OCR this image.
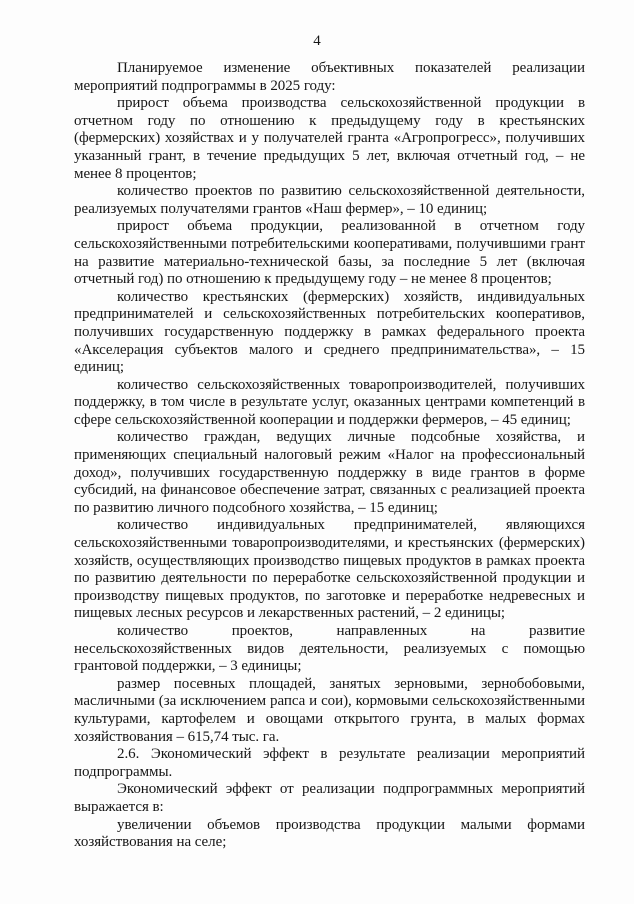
4

Планируемое изменение объективных показателей реализации мероприятий подпрограммы в 2025 году:

прирост объема производства сельскохозяйственной продукции в отчетном году по отношению к предыдущему году в крестьянских (фермерских) хозяйствах и у получателей гранта «Агропрогресс», получивших указанный грант, в течение предыдущих 5 лет, включая отчетный год, – не менее 8 процентов;

количество проектов по развитию сельскохозяйственной деятельности, реализуемых получателями грантов «Наш фермер», – 10 единиц;

прирост объема продукции, реализованной в отчетном году сельскохозяйственными потребительскими кооперативами, получившими грант на развитие материально-технической базы, за последние 5 лет (включая отчетный год) по отношению к предыдущему году – не менее 8 процентов;

количество крестьянских (фермерских) хозяйств, индивидуальных предпринимателей и сельскохозяйственных потребительских кооперативов, получивших государственную поддержку в рамках федерального проекта «Акселерация субъектов малого и среднего предпринимательства», – 15 единиц;

количество сельскохозяйственных товаропроизводителей, получивших поддержку, в том числе в результате услуг, оказанных центрами компетенций в сфере сельскохозяйственной кооперации и поддержки фермеров, – 45 единиц;

количество граждан, ведущих личные подсобные хозяйства, и применяющих специальный налоговый режим «Налог на профессиональный доход», получивших государственную поддержку в виде грантов в форме субсидий, на финансовое обеспечение затрат, связанных с реализацией проекта по развитию личного подсобного хозяйства, – 15 единиц;

количество индивидуальных предпринимателей, являющихся сельскохозяйственными товаропроизводителями, и крестьянских (фермерских) хозяйств, осуществляющих производство пищевых продуктов в рамках проекта по развитию деятельности по переработке сельскохозяйственной продукции и производству пищевых продуктов, по заготовке и переработке недревесных и пищевых лесных ресурсов и лекарственных растений, – 2 единицы;

количество проектов, направленных на развитие несельскохозяйственных видов деятельности, реализуемых с помощью грантовой поддержки, – 3 единицы;

размер посевных площадей, занятых зерновыми, зернобобовыми, масличными (за исключением рапса и сои), кормовыми сельскохозяйственными культурами, картофелем и овощами открытого грунта, в малых формах хозяйствования – 615,74 тыс. га.

2.6. Экономический эффект в результате реализации мероприятий подпрограммы.

Экономический эффект от реализации подпрограммных мероприятий выражается в:

увеличении объемов производства продукции малыми формами хозяйствования на селе;
